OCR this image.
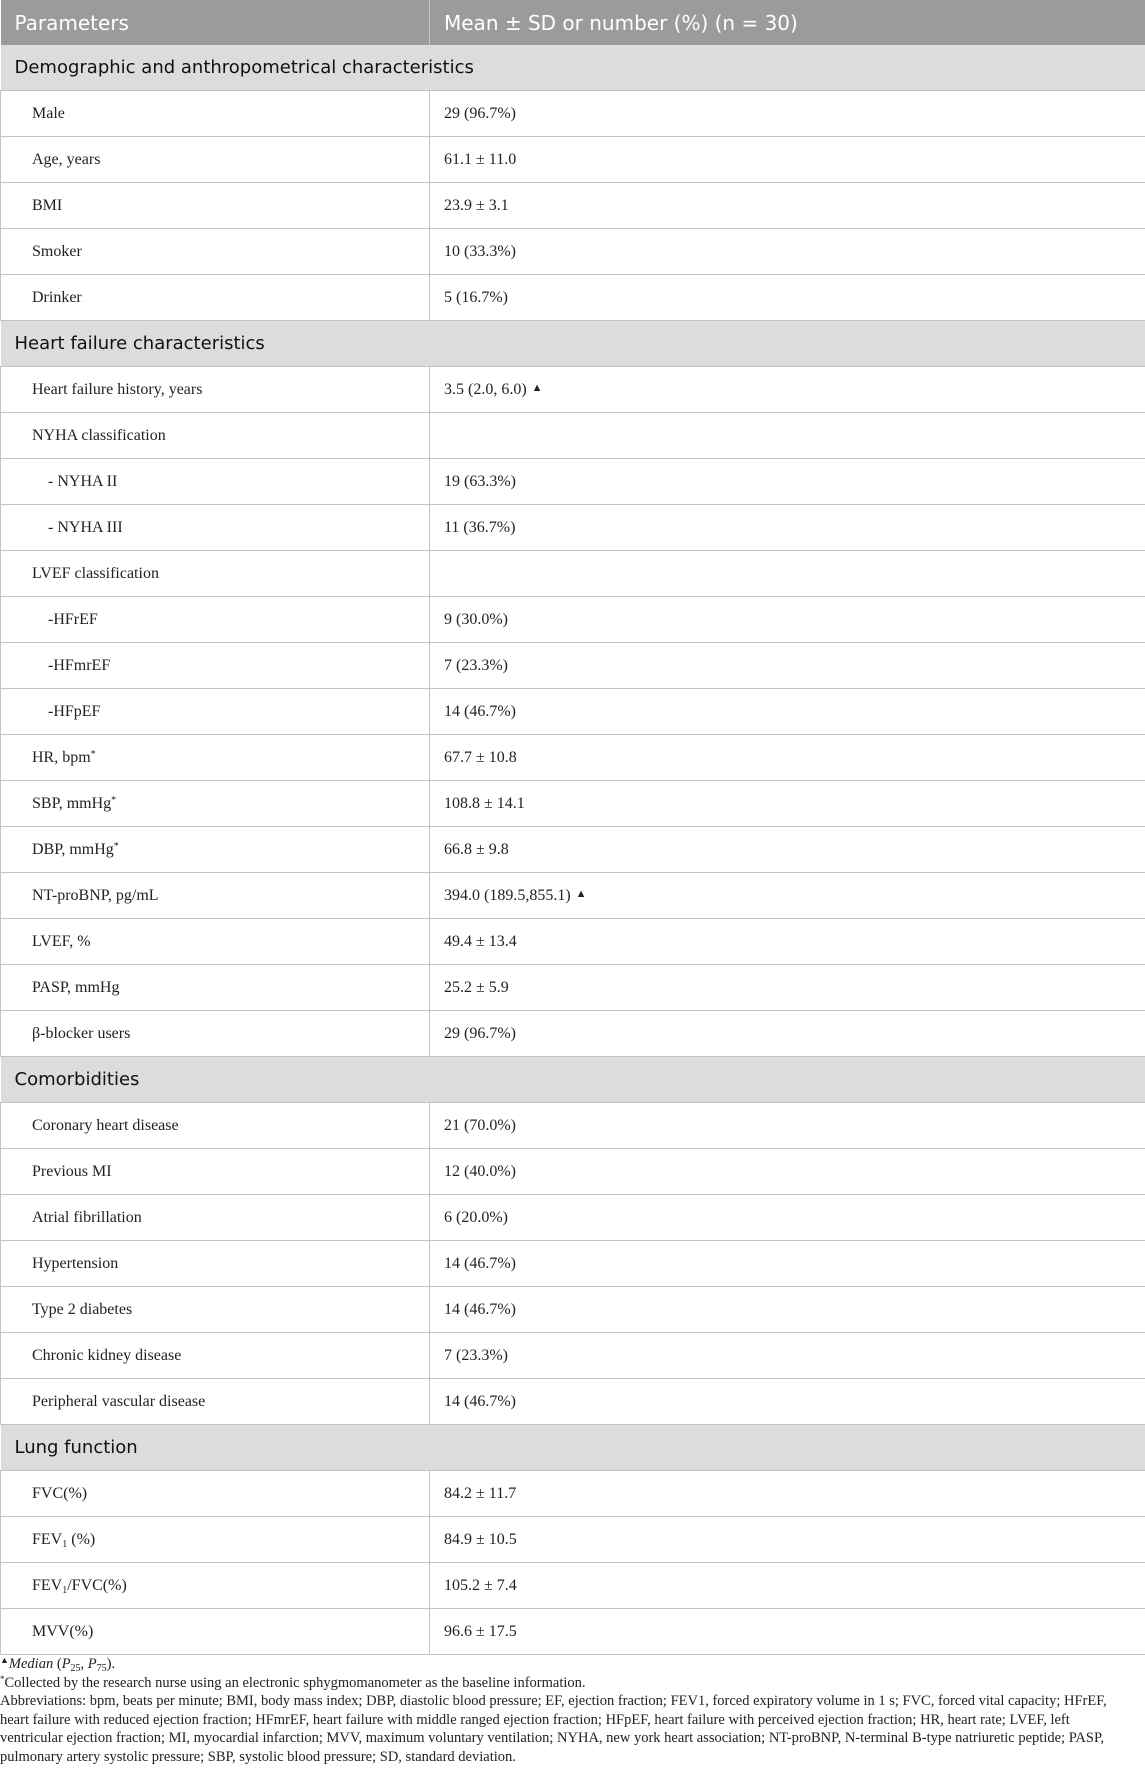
Parameters	Mean ± SD or number (%) (n = 30)
Demographic and anthropometrical characteristics	
Male	29 (96.7%)
Age, years	61.1 ± 11.0
BMI	23.9 ± 3.1
Smoker	10 (33.3%)
Drinker	5 (16.7%)
Heart failure characteristics	
Heart failure history, years	3.5 (2.0, 6.0) ▲
NYHA classification	
- NYHA II	19 (63.3%)
- NYHA III	11 (36.7%)
LVEF classification	
-HFrEF	9 (30.0%)
-HFmrEF	7 (23.3%)
-HFpEF	14 (46.7%)
HR, bpm*	67.7 ± 10.8
SBP, mmHg*	108.8 ± 14.1
DBP, mmHg*	66.8 ± 9.8
NT-proBNP, pg/mL	394.0 (189.5,855.1) ▲
LVEF, %	49.4 ± 13.4
PASP, mmHg	25.2 ± 5.9
β-blocker users	29 (96.7%)
Comorbidities	
Coronary heart disease	21 (70.0%)
Previous MI	12 (40.0%)
Atrial fibrillation	6 (20.0%)
Hypertension	14 (46.7%)
Type 2 diabetes	14 (46.7%)
Chronic kidney disease	7 (23.3%)
Peripheral vascular disease	14 (46.7%)
Lung function	
FVC(%)	84.2 ± 11.7
$FEV_1$ (%)	84.9 ± 10.5
$FEV_1/FVC(\%)$	105.2 ± 7.4
MVV(%)	96.6 ± 17.5

▲Median ($P_{25}$, $P_{75}$).

*Collected by the research nurse using an electronic sphygmomanometer as the baseline information.

Abbreviations: bpm, beats per minute; BMI, body mass index; DBP, diastolic blood pressure; EF, ejection fraction; FEV1, forced expiratory volume in 1 s; FVC, forced vital capacity; HFrEF, heart failure with reduced ejection fraction; HFmrEF, heart failure with middle ranged ejection fraction; HFpEF, heart failure with perceived ejection fraction; HR, heart rate; LVEF, left ventricular ejection fraction; MI, myocardial infarction; MVV, maximum voluntary ventilation; NYHA, new york heart association; NT-proBNP, N-terminal B-type natriuretic peptide; PASP, pulmonary artery systolic pressure; SBP, systolic blood pressure; SD, standard deviation.
